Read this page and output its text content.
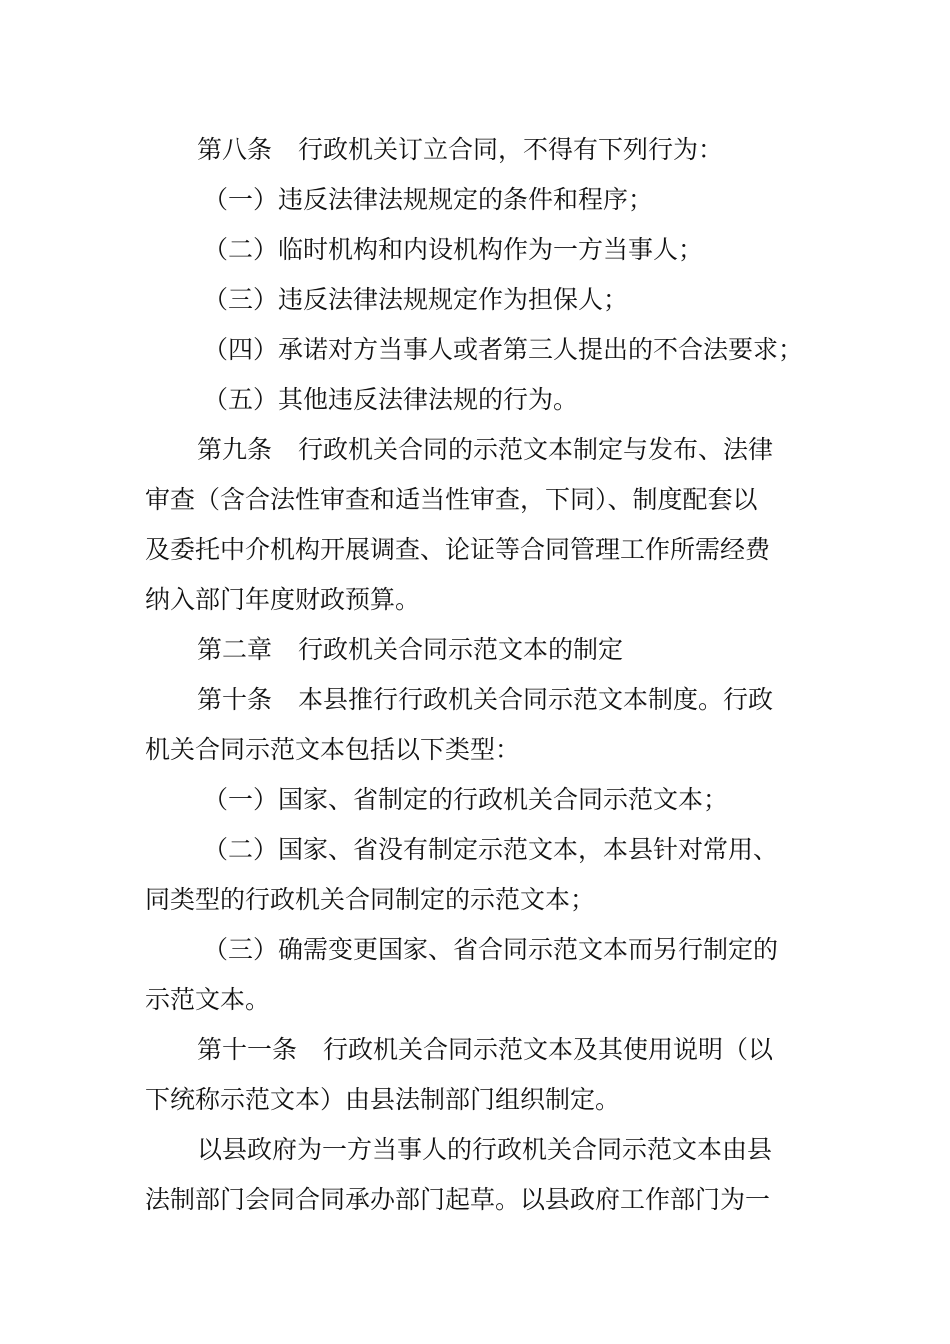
第八条 行政机关订立合同，不得有下列行为：
（一）违反法律法规规定的条件和程序；
（二）临时机构和内设机构作为一方当事人；
（三）违反法律法规规定作为担保人；
（四）承诺对方当事人或者第三人提出的不合法要求；
（五）其他违反法律法规的行为。
第九条 行政机关合同的示范文本制定与发布、法律
审查（含合法性审查和适当性审查，下同）、制度配套以
及委托中介机构开展调查、论证等合同管理工作所需经费
纳入部门年度财政预算。
第二章 行政机关合同示范文本的制定
第十条 本县推行行政机关合同示范文本制度。行政
机关合同示范文本包括以下类型：
（一）国家、省制定的行政机关合同示范文本；
（二）国家、省没有制定示范文本，本县针对常用、
同类型的行政机关合同制定的示范文本；
（三）确需变更国家、省合同示范文本而另行制定的
示范文本。
第十一条 行政机关合同示范文本及其使用说明（以
下统称示范文本）由县法制部门组织制定。
以县政府为一方当事人的行政机关合同示范文本由县
法制部门会同合同承办部门起草。以县政府工作部门为一
